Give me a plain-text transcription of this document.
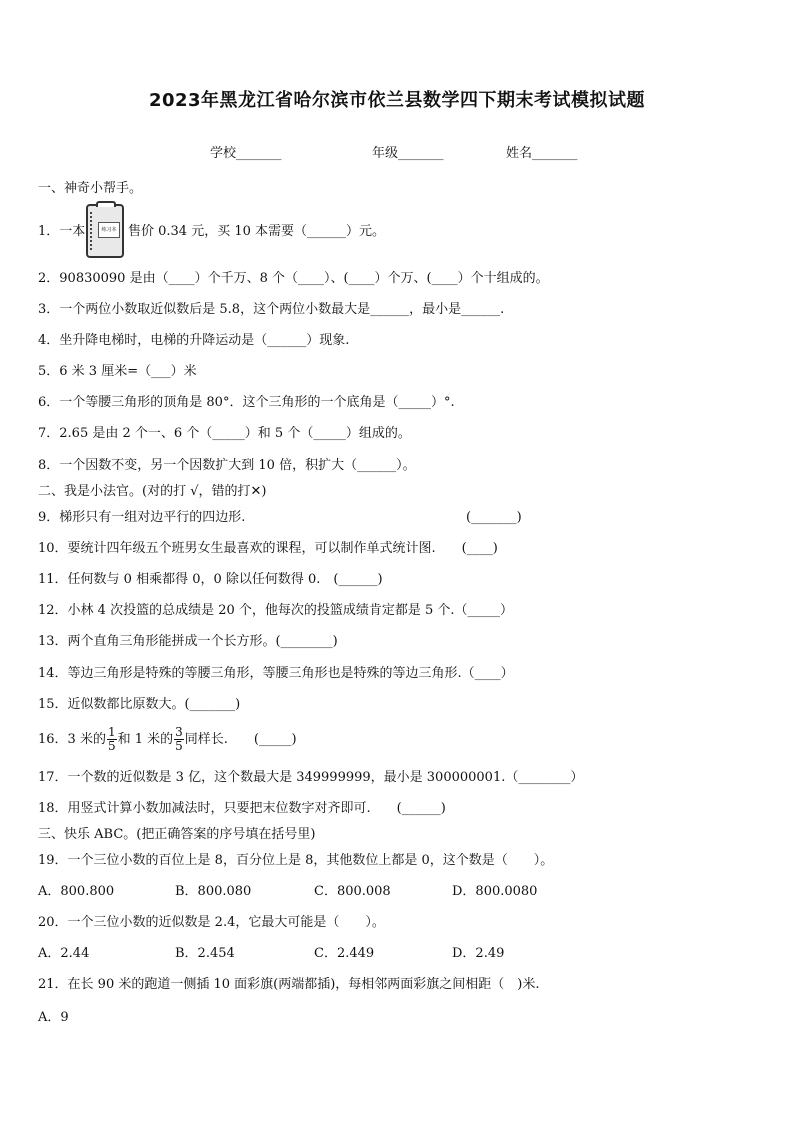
2023年黑龙江省哈尔滨市依兰县数学四下期末考试模拟试题
学校_______	年级_______	姓名_______
一、神奇小帮手。
1．一本	练习本 售价 0.34 元，买 10 本需要（______）元。
2．90830090 是由（____）个千万、8 个（____）、(____）个万、(____）个十组成的。
3．一个两位小数取近似数后是 5.8，这个两位小数最大是______，最小是______.
4．坐升降电梯时，电梯的升降运动是（______）现象.
5．6 米 3 厘米=（___）米
6．一个等腰三角形的顶角是 80°．这个三角形的一个底角是（_____）°.
7．2.65 是由 2 个一、6 个（_____）和 5 个（_____）组成的。
8．一个因数不变，另一个因数扩大到 10 倍，积扩大（______）。
二、我是小法官。(对的打 √，错的打✕)
9．梯形只有一组对边平行的四边形.	(_______)
10．要统计四年级五个班男女生最喜欢的课程，可以制作单式统计图.　　(____)
11．任何数与 0 相乘都得 0，0 除以任何数得 0.　(______)
12．小林 4 次投篮的总成绩是 20 个，他每次的投篮成绩肯定都是 5 个.（_____）
13．两个直角三角形能拼成一个长方形。(________)
14．等边三角形是特殊的等腰三角形，等腰三角形也是特殊的等边三角形.（____）
15．近似数都比原数大。(_______)
16．3 米的 $\frac{1}{5}$ 和 1 米的 $\frac{3}{5}$ 同样长.　　(_____)
17．一个数的近似数是 3 亿，这个数最大是 349999999，最小是 300000001.（________）
18．用竖式计算小数加减法时，只要把末位数字对齐即可.　　(______)
三、快乐 ABC。(把正确答案的序号填在括号里)
19．一个三位小数的百位上是 8，百分位上是 8，其他数位上都是 0，这个数是（　　）。
A．800.800	B．800.080	C．800.008	D．800.0080
20．一个三位小数的近似数是 2.4，它最大可能是（　　）。
A．2.44	B．2.454	C．2.449	D．2.49
21．在长 90 米的跑道一侧插 10 面彩旗(两端都插)，每相邻两面彩旗之间相距（　)米.
A．9
